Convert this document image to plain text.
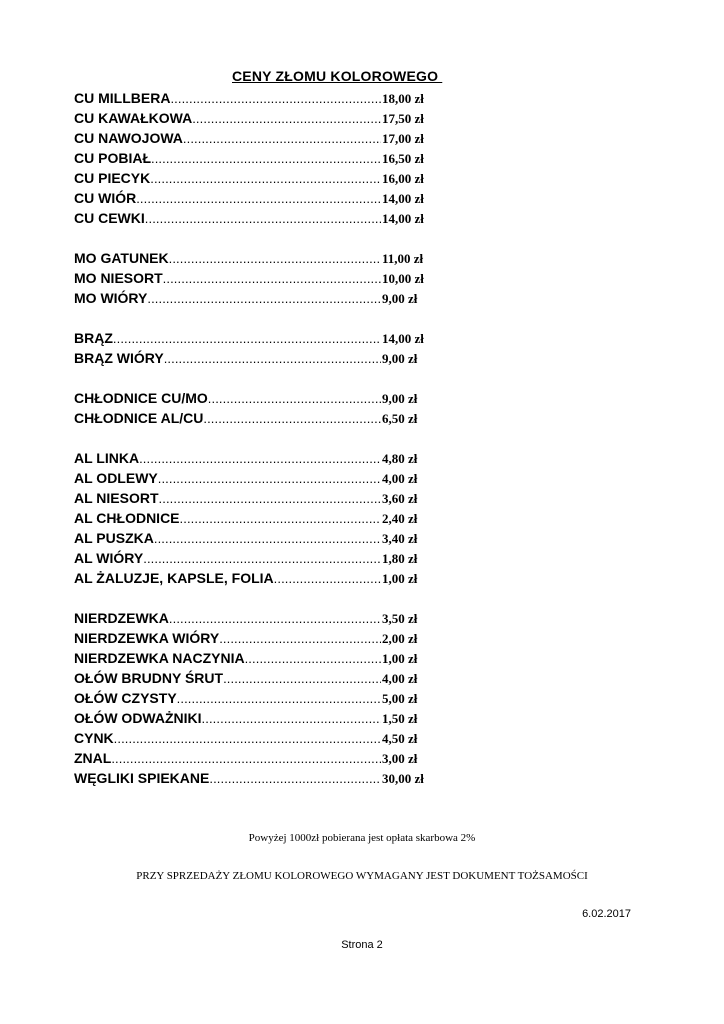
CENY ZŁOMU KOLOROWEGO
CU MILLBERA .....	18,00 zł
CU KAWAŁKOWA .....	17,50 zł
CU NAWOJOWA .....	17,00 zł
CU POBIAŁ .....	16,50 zł
CU PIECYK .....	16,00 zł
CU WIÓR .....	14,00 zł
CU CEWKI .....	14,00 zł
MO GATUNEK .....	11,00 zł
MO NIESORT .....	10,00 zł
MO WIÓRY .....	9,00 zł
BRĄZ .....	14,00 zł
BRĄZ WIÓRY .....	9,00 zł
CHŁODNICE CU/MO .....	9,00 zł
CHŁODNICE AL/CU .....	6,50 zł
AL LINKA .....	4,80 zł
AL ODLEWY .....	4,00 zł
AL NIESORT .....	3,60 zł
AL CHŁODNICE .....	2,40 zł
AL PUSZKA .....	3,40 zł
AL WIÓRY .....	1,80 zł
AL ŻALUZJE, KAPSLE, FOLIA .....	1,00 zł
NIERDZEWKA .....	3,50 zł
NIERDZEWKA WIÓRY .....	2,00 zł
NIERDZEWKA NACZYNIA .....	1,00 zł
OŁÓW BRUDNY ŚRUT .....	4,00 zł
OŁÓW CZYSTY .....	5,00 zł
OŁÓW ODWAŻNIKI .....	1,50 zł
CYNK .....	4,50 zł
ZNAL .....	3,00 zł
WĘGLIKI SPIEKANE .....	30,00 zł
Powyżej 1000zł pobierana jest opłata skarbowa 2%
PRZY SPRZEDAŻY ZŁOMU KOLOROWEGO WYMAGANY JEST DOKUMENT TOŻSAMOŚCI
6.02.2017
Strona 2
